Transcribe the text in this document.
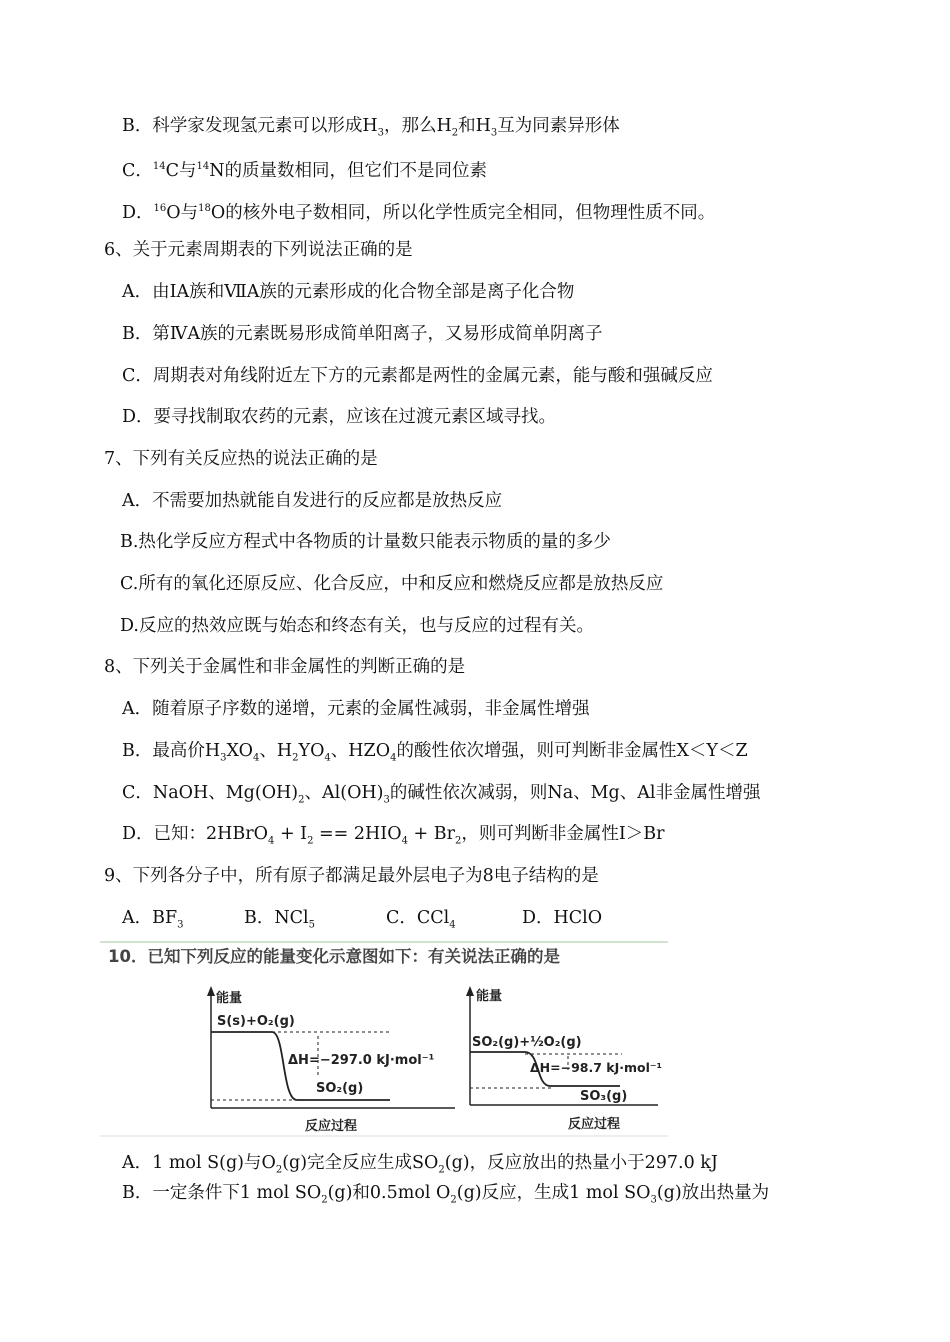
B．科学家发现氢元素可以形成$H_3$，那么$H_2$和$H_3$互为同素异形体
C．$^{14}$C与$^{14}$N的质量数相同，但它们不是同位素
D．$^{16}$O与$^{18}$O的核外电子数相同，所以化学性质完全相同，但物理性质不同。
6、关于元素周期表的下列说法正确的是
A．由ⅠA族和ⅦA族的元素形成的化合物全部是离子化合物
B．第ⅣA族的元素既易形成简单阳离子，又易形成简单阴离子
C．周期表对角线附近左下方的元素都是两性的金属元素，能与酸和强碱反应
D．要寻找制取农药的元素，应该在过渡元素区域寻找。
7、下列有关反应热的说法正确的是
A．不需要加热就能自发进行的反应都是放热反应
B.热化学反应方程式中各物质的计量数只能表示物质的量的多少
C.所有的氧化还原反应、化合反应，中和反应和燃烧反应都是放热反应
D.反应的热效应既与始态和终态有关，也与反应的过程有关。
8、下列关于金属性和非金属性的判断正确的是
A．随着原子序数的递增，元素的金属性减弱，非金属性增强
B．最高价$H_3XO_4$、$H_2YO_4$、$HZO_4$的酸性依次增强，则可判断非金属性X＜Y＜Z
C．NaOH、$Mg(OH)_2$、$Al(OH)_3$的碱性依次减弱，则Na、Mg、Al非金属性增强
D．已知：2HBrO$_4$ + $I_2 == 2HIO_4 + Br_2$，则可判断非金属性I＞Br
9、下列各分子中，所有原子都满足最外层电子为8电子结构的是
A．$BF_3$	B．NCl$_5$	C．CCl$_4$	D．HClO
10．已知下列反应的能量变化示意图如下：有关说法正确的是
能量
S(s)+O₂(g)
ΔH=−297.0 kJ·mol⁻¹
SO₂(g)
反应过程
能量
SO₂(g)+½O₂(g)
ΔH=−98.7 kJ·mol⁻¹
SO₃(g)
反应过程
A．1 mol S(g)与$O_2(g)$完全反应生成$SO_2(g)$，反应放出的热量小于297.0 kJ
B．一定条件下1 mol $SO_2(g)$和0.5mol $O_2(g)$反应，生成1 mol $SO_3(g)$放出热量为
